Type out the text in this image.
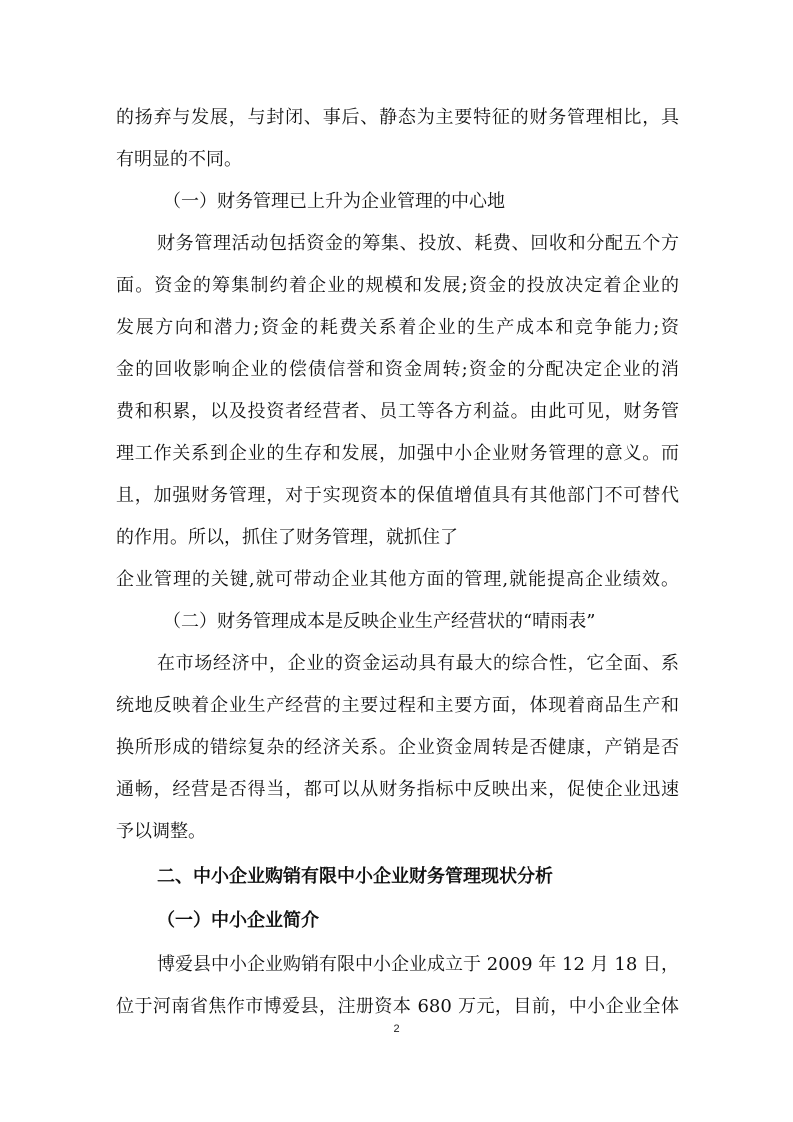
的扬弃与发展，与封闭、事后、静态为主要特征的财务管理相比，具
有明显的不同。
（一）财务管理已上升为企业管理的中心地
财务管理活动包括资金的筹集、投放、耗费、回收和分配五个方
面。资金的筹集制约着企业的规模和发展;资金的投放决定着企业的
发展方向和潜力;资金的耗费关系着企业的生产成本和竞争能力;资
金的回收影响企业的偿债信誉和资金周转;资金的分配决定企业的消
费和积累，以及投资者经营者、员工等各方利益。由此可见，财务管
理工作关系到企业的生存和发展，加强中小企业财务管理的意义。而
且，加强财务管理，对于实现资本的保值增值具有其他部门不可替代
的作用。所以，抓住了财务管理，就抓住了
企业管理的关键,就可带动企业其他方面的管理,就能提高企业绩效。
（二）财务管理成本是反映企业生产经营状的“晴雨表”
在市场经济中，企业的资金运动具有最大的综合性，它全面、系
统地反映着企业生产经营的主要过程和主要方面，体现着商品生产和
换所形成的错综复杂的经济关系。企业资金周转是否健康，产销是否
通畅，经营是否得当，都可以从财务指标中反映出来，促使企业迅速
予以调整。
二、中小企业购销有限中小企业财务管理现状分析
（一）中小企业简介
博爱县中小企业购销有限中小企业成立于 2009 年 12 月 18 日，
位于河南省焦作市博爱县，注册资本 680 万元，目前，中小企业全体
2
